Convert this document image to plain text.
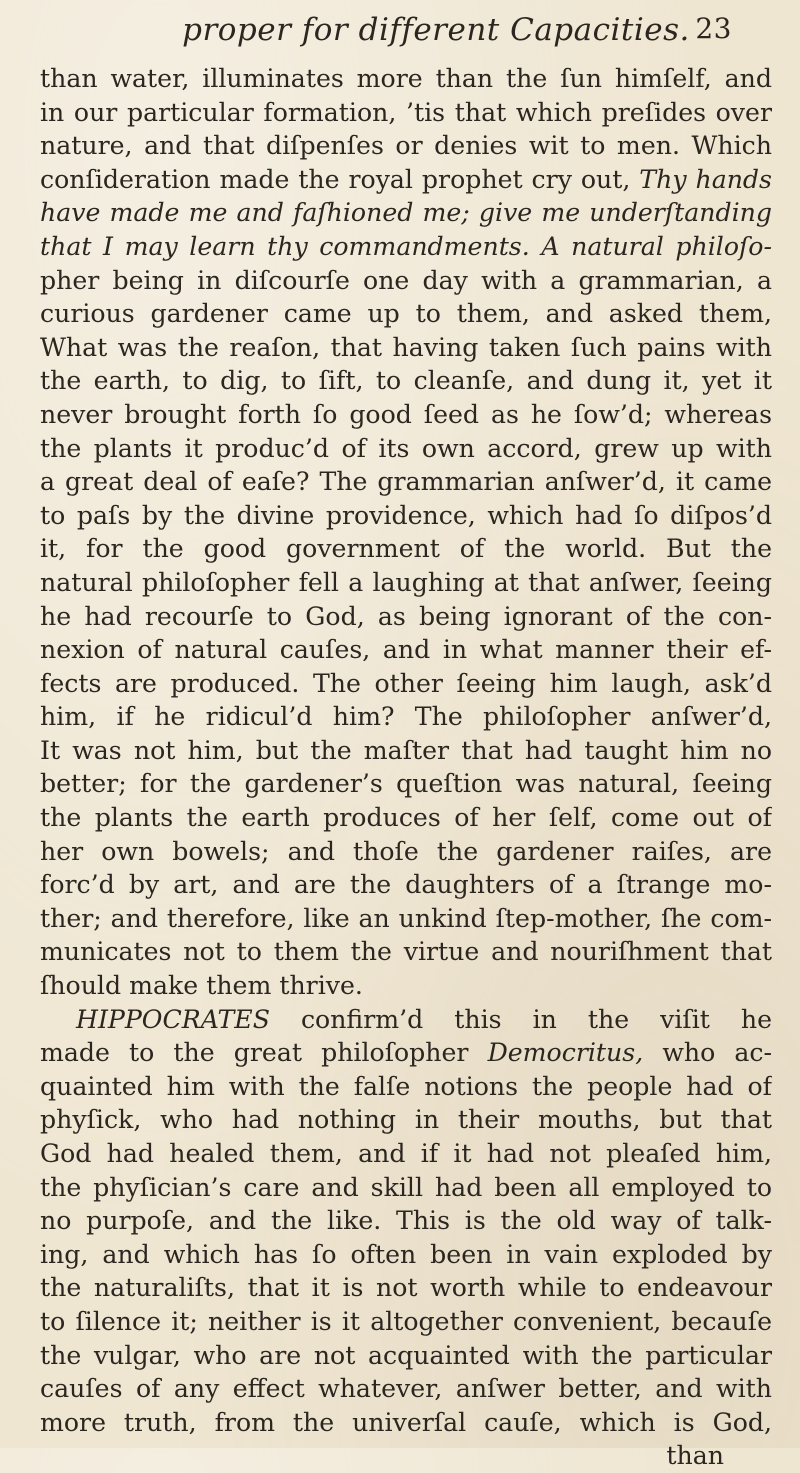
proper for different Capacities. 23
than water, illuminates more than the ſun himſelf, and
in our particular formation, ’tis that which preſides over
nature, and that diſpenſes or denies wit to men. Which
conſideration made the royal prophet cry out, Thy hands
have made me and faſhioned me; give me underſtanding
that I may learn thy commandments. A natural philoſo-
pher being in diſcourſe one day with a grammarian, a
curious gardener came up to them, and asked them,
What was the reaſon, that having taken ſuch pains with
the earth, to dig, to ſift, to cleanſe, and dung it, yet it
never brought forth ſo good ſeed as he ſow’d; whereas
the plants it produc’d of its own accord, grew up with
a great deal of eaſe? The grammarian anſwer’d, it came
to paſs by the divine providence, which had ſo diſpos’d
it, for the good government of the world. But the
natural philoſopher fell a laughing at that anſwer, ſeeing
he had recourſe to God, as being ignorant of the con-
nexion of natural cauſes, and in what manner their ef-
fects are produced. The other ſeeing him laugh, ask’d
him, if he ridicul’d him? The philoſopher anſwer’d,
It was not him, but the maſter that had taught him no
better; for the gardener’s queſtion was natural, ſeeing
the plants the earth produces of her ſelf, come out of
her own bowels; and thoſe the gardener raiſes, are
forc’d by art, and are the daughters of a ſtrange mo-
ther; and therefore, like an unkind ſtep-mother, ſhe com-
municates not to them the virtue and nouriſhment that
ſhould make them thrive.
HIPPOCRATES confirm’d this in the viſit he
made to the great philoſopher Democritus, who ac-
quainted him with the falſe notions the people had of
phyſick, who had nothing in their mouths, but that
God had healed them, and if it had not pleaſed him,
the phyſician’s care and skill had been all employed to
no purpoſe, and the like. This is the old way of talk-
ing, and which has ſo often been in vain exploded by
the naturaliſts, that it is not worth while to endeavour
to ſilence it; neither is it altogether convenient, becauſe
the vulgar, who are not acquainted with the particular
cauſes of any effect whatever, anſwer better, and with
more truth, from the univerſal cauſe, which is God,
than
